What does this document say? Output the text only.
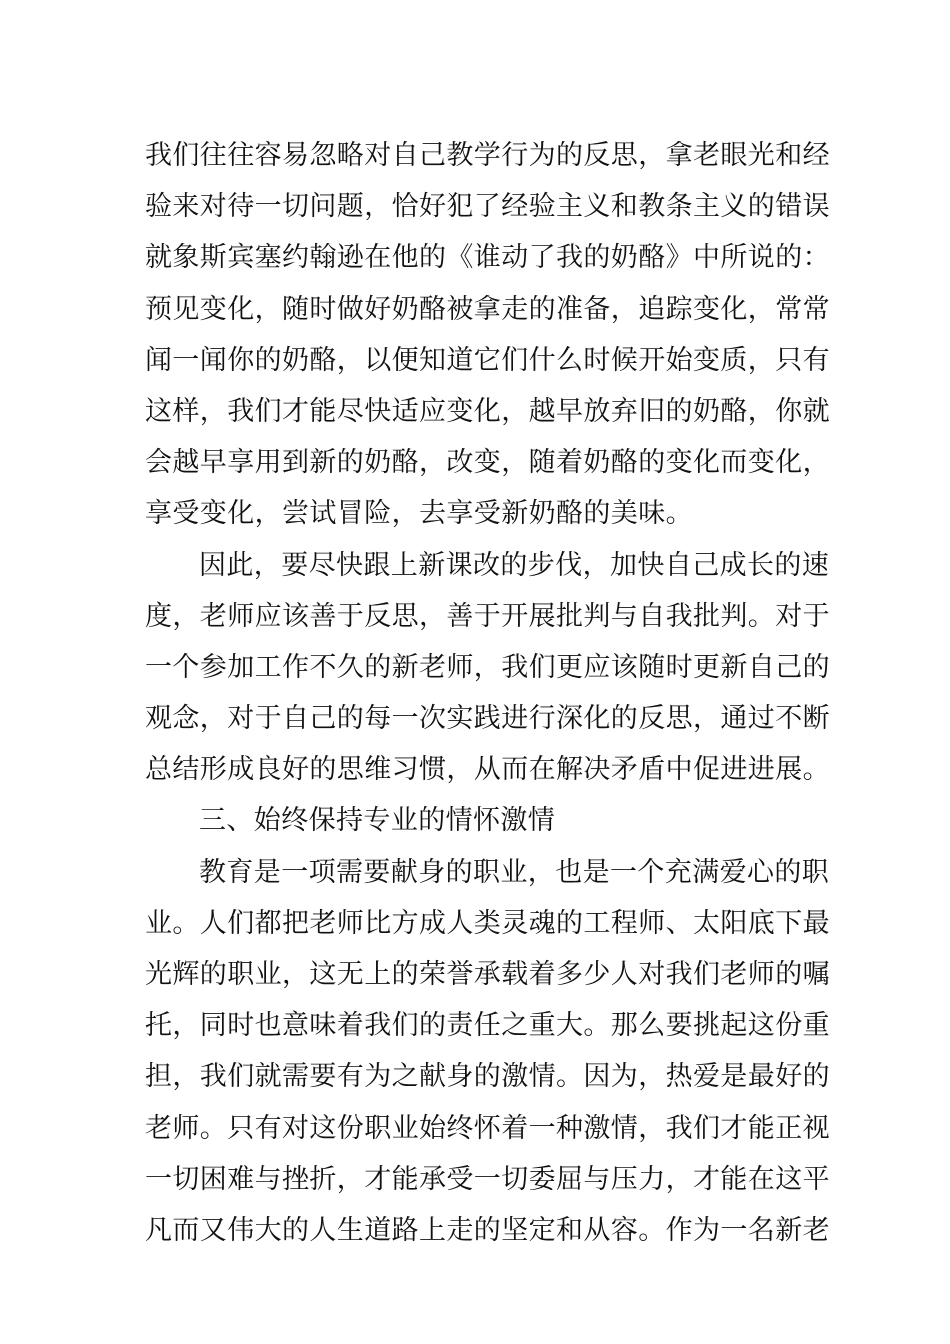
我们往往容易忽略对自己教学行为的反思，拿老眼光和经
验来对待一切问题，恰好犯了经验主义和教条主义的错误
就象斯宾塞约翰逊在他的《谁动了我的奶酪》中所说的：
预见变化，随时做好奶酪被拿走的准备，追踪变化，常常
闻一闻你的奶酪，以便知道它们什么时候开始变质，只有
这样，我们才能尽快适应变化，越早放弃旧的奶酪，你就
会越早享用到新的奶酪，改变，随着奶酪的变化而变化，
享受变化，尝试冒险，去享受新奶酪的美味。
因此，要尽快跟上新课改的步伐，加快自己成长的速
度，老师应该善于反思，善于开展批判与自我批判。对于
一个参加工作不久的新老师，我们更应该随时更新自己的
观念，对于自己的每一次实践进行深化的反思，通过不断
总结形成良好的思维习惯，从而在解决矛盾中促进进展。
三、始终保持专业的情怀激情
教育是一项需要献身的职业，也是一个充满爱心的职
业。人们都把老师比方成人类灵魂的工程师、太阳底下最
光辉的职业，这无上的荣誉承载着多少人对我们老师的嘱
托，同时也意味着我们的责任之重大。那么要挑起这份重
担，我们就需要有为之献身的激情。因为，热爱是最好的
老师。只有对这份职业始终怀着一种激情，我们才能正视
一切困难与挫折，才能承受一切委屈与压力，才能在这平
凡而又伟大的人生道路上走的坚定和从容。作为一名新老
